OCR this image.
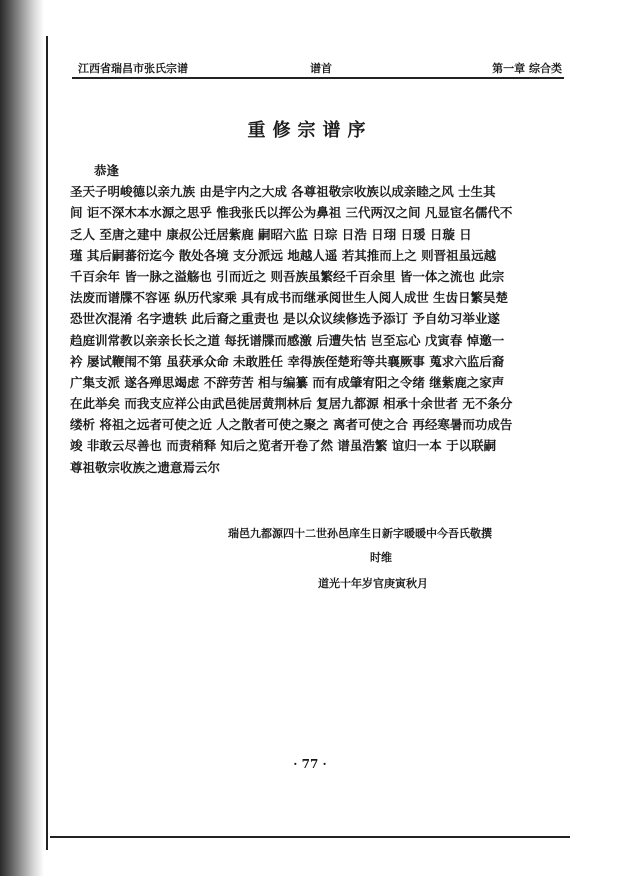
江西省瑞昌市张氏宗谱	谱首	第一章 综合类
重修宗谱序
恭逢
圣天子明峻德以亲九族 由是宇内之大成 各尊祖敬宗收族以成亲睦之风 士生其
间 讵不深木本水源之思乎 惟我张氏以挥公为鼻祖 三代两汉之间 凡显宦名儒代不
乏人 至唐之建中 康叔公迁居紫鹿 嗣昭六监 日琮 日浩 日珝 日瑗 日璇 日
瑾 其后嗣蕃衍迄今 散处各境 支分派远 地越人遥 若其推而上之 则晋祖虽远越
千百余年 皆一脉之溢觞也 引而近之 则吾族虽繁经千百余里 皆一体之流也 此宗
法废而谱牒不容诬 纵历代家乘 具有成书而继承阅世生人阅人成世 生齿日繁吴楚
恐世次混淆 名字遗轶 此后裔之重责也 是以众议续修选予添订 予自幼习举业遂
趋庭训常教以亲亲长长之道 每抚谱牒而感激 后遭失怙 岂至忘心 戊寅春 悼邀一
衿 屡试鞭闱不第 虽获承众命 未敢胜任 幸得族侄楚珩等共襄厥事 蒐求六监后裔
广集支派 遂各殚思竭虑 不辞劳苦 相与编纂 而有成肇宥阳之令绪 继紫鹿之家声
在此举矣 而我支应祥公由武邑徙居黄荆林后 复居九都源 相承十余世者 无不条分
缕析 将祖之远者可使之近 人之散者可使之聚之 离者可使之合 再经寒暑而功成告
竣 非敢云尽善也 而责稍释 知后之览者开卷了然 谱虽浩繁 谊归一本 于以联嗣
尊祖敬宗收族之遗意焉云尔
瑞邑九都源四十二世孙邑庠生日新字暖暖中今吾氏敬撰
时维
道光十年岁官庚寅秋月
· 77 ·
